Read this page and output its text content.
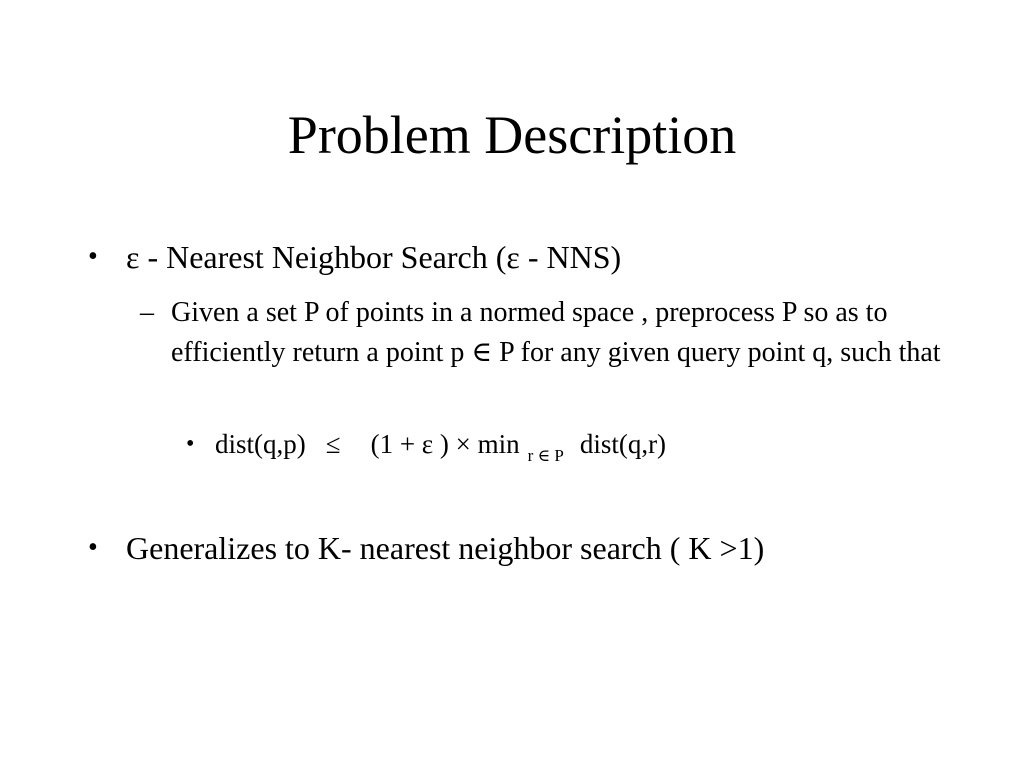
Problem Description
• ε - Nearest Neighbor Search (ε - NNS)
– Given a set P of points in a normed space , preprocess P so as to efficiently return a point p ∈ P for any given query point q, such that
• dist(q,p) ≤ (1 + ε ) × min $_{r \in P}$ dist(q,r)
• Generalizes to K- nearest neighbor search ( K >1)
